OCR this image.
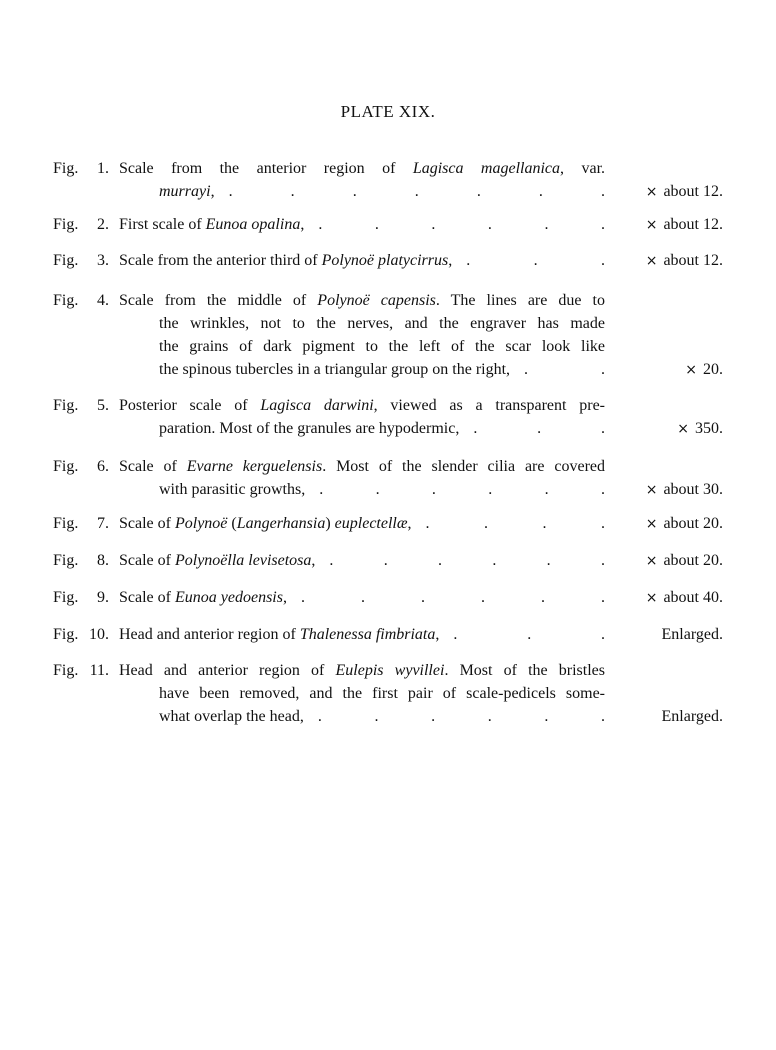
PLATE XIX.
Fig.	1. Scale from the anterior region of Lagisca magellanica, var.
murrayi,	× about 12.
.	.	.	.	.	.	.
Fig.	2. First scale of Eunoa opalina,	× about 12.
.	.	.	.	.	.
Fig.	3. Scale from the anterior third of Polynoë platycirrus,	× about 12.
.	.	.
Fig.	4. Scale from the middle of Polynoë capensis. The lines are due to
the wrinkles, not to the nerves, and the engraver has made
the grains of dark pigment to the left of the scar look like
the spinous tubercles in a triangular group on the right,	× 20.
.	.
Fig.	5. Posterior scale of Lagisca darwini, viewed as a transparent pre-
paration. Most of the granules are hypodermic,	× 350.
.	.	.
Fig.	6. Scale of Evarne kerguelensis. Most of the slender cilia are covered
with parasitic growths,	× about 30.
.	.	.	.	.	.
Fig.	7. Scale of Polynoë (Langerhansia) euplectellæ,	× about 20.
.	.	.	.
Fig.	8. Scale of Polynoëlla levisetosa,	× about 20.
.	.	.	.	.	.
Fig.	9. Scale of Eunoa yedoensis,	× about 40.
.	.	.	.	.	.
Fig. 10. Head and anterior region of Thalenessa fimbriata,	Enlarged.
.	.	.
Fig. 11. Head and anterior region of Eulepis wyvillei. Most of the bristles
have been removed, and the first pair of scale-pedicels some-
what overlap the head,	Enlarged.
.	.	.	.	.	.
